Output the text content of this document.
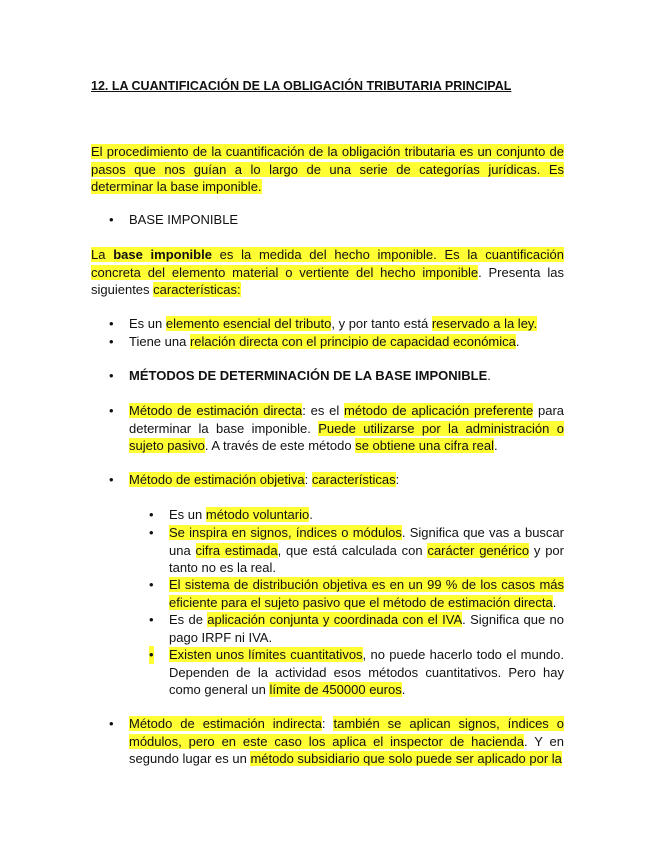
12. LA CUANTIFICACIÓN DE LA OBLIGACIÓN TRIBUTARIA PRINCIPAL

El procedimiento de la cuantificación de la obligación tributaria es un conjunto de pasos que nos guían a lo largo de una serie de categorías jurídicas. Es determinar la base imponible.

• BASE IMPONIBLE

La base imponible es la medida del hecho imponible. Es la cuantificación concreta del elemento material o vertiente del hecho imponible. Presenta las siguientes características:

• Es un elemento esencial del tributo, y por tanto está reservado a la ley.

• Tiene una relación directa con el principio de capacidad económica.

• MÉTODOS DE DETERMINACIÓN DE LA BASE IMPONIBLE.

• Método de estimación directa: es el método de aplicación preferente para determinar la base imponible. Puede utilizarse por la administración o sujeto pasivo. A través de este método se obtiene una cifra real.

• Método de estimación objetiva: características:

• Es un método voluntario.

• Se inspira en signos, índices o módulos. Significa que vas a buscar una cifra estimada, que está calculada con carácter genérico y por tanto no es la real.

• El sistema de distribución objetiva es en un 99 % de los casos más eficiente para el sujeto pasivo que el método de estimación directa.

• Es de aplicación conjunta y coordinada con el IVA. Significa que no pago IRPF ni IVA.

• Existen unos límites cuantitativos, no puede hacerlo todo el mundo. Dependen de la actividad esos métodos cuantitativos. Pero hay como general un límite de 450000 euros.

• Método de estimación indirecta: también se aplican signos, índices o módulos, pero en este caso los aplica el inspector de hacienda. Y en segundo lugar es un método subsidiario que solo puede ser aplicado por la
